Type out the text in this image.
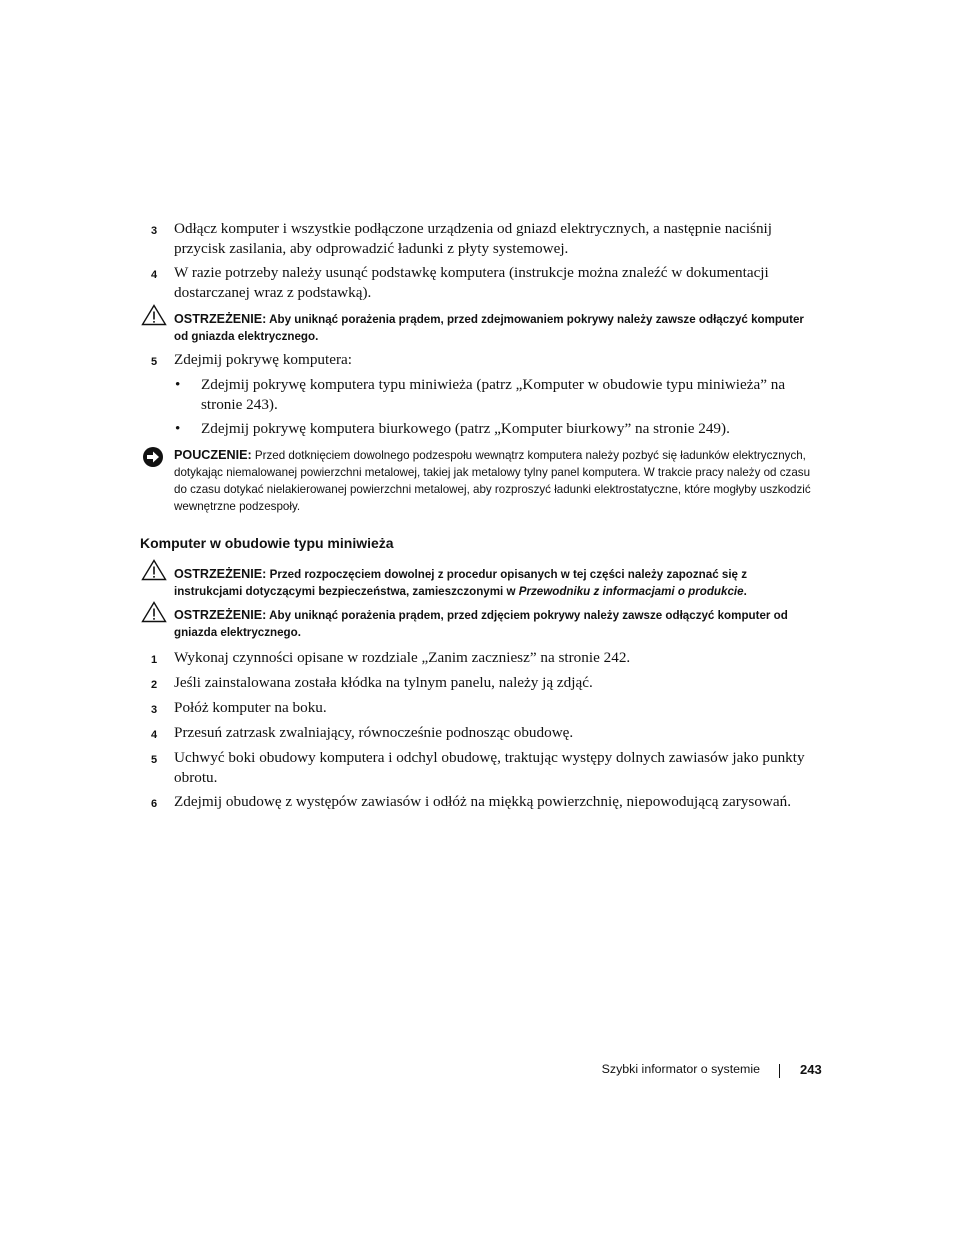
3 Odłącz komputer i wszystkie podłączone urządzenia od gniazd elektrycznych, a następnie naciśnij przycisk zasilania, aby odprowadzić ładunki z płyty systemowej.
4 W razie potrzeby należy usunąć podstawkę komputera (instrukcje można znaleźć w dokumentacji dostarczanej wraz z podstawką).
OSTRZEŻENIE: Aby uniknąć porażenia prądem, przed zdejmowaniem pokrywy należy zawsze odłączyć komputer od gniazda elektrycznego.
5 Zdejmij pokrywę komputera:
• Zdejmij pokrywę komputera typu miniwieża (patrz „Komputer w obudowie typu miniwieża” na stronie 243).
• Zdejmij pokrywę komputera biurkowego (patrz „Komputer biurkowy” na stronie 249).
POUCZENIE: Przed dotknięciem dowolnego podzespołu wewnątrz komputera należy pozbyć się ładunków elektrycznych, dotykając niemalowanej powierzchni metalowej, takiej jak metalowy tylny panel komputera. W trakcie pracy należy od czasu do czasu dotykać nielakierowanej powierzchni metalowej, aby rozproszyć ładunki elektrostatyczne, które mogłyby uszkodzić wewnętrzne podzespoły.
Komputer w obudowie typu miniwieża
OSTRZEŻENIE: Przed rozpoczęciem dowolnej z procedur opisanych w tej części należy zapoznać się z instrukcjami dotyczącymi bezpieczeństwa, zamieszczonymi w Przewodniku z informacjami o produkcie.
OSTRZEŻENIE: Aby uniknąć porażenia prądem, przed zdjęciem pokrywy należy zawsze odłączyć komputer od gniazda elektrycznego.
1 Wykonaj czynności opisane w rozdziale „Zanim zaczniesz” na stronie 242.
2 Jeśli zainstalowana została kłódka na tylnym panelu, należy ją zdjąć.
3 Połóż komputer na boku.
4 Przesuń zatrzask zwalniający, równocześnie podnosząc obudowę.
5 Uchwyć boki obudowy komputera i odchyl obudowę, traktując występy dolnych zawiasów jako punkty obrotu.
6 Zdejmij obudowę z występów zawiasów i odłóż na miękką powierzchnię, niepowodującą zarysowań.
Szybki informator o systemie	243
